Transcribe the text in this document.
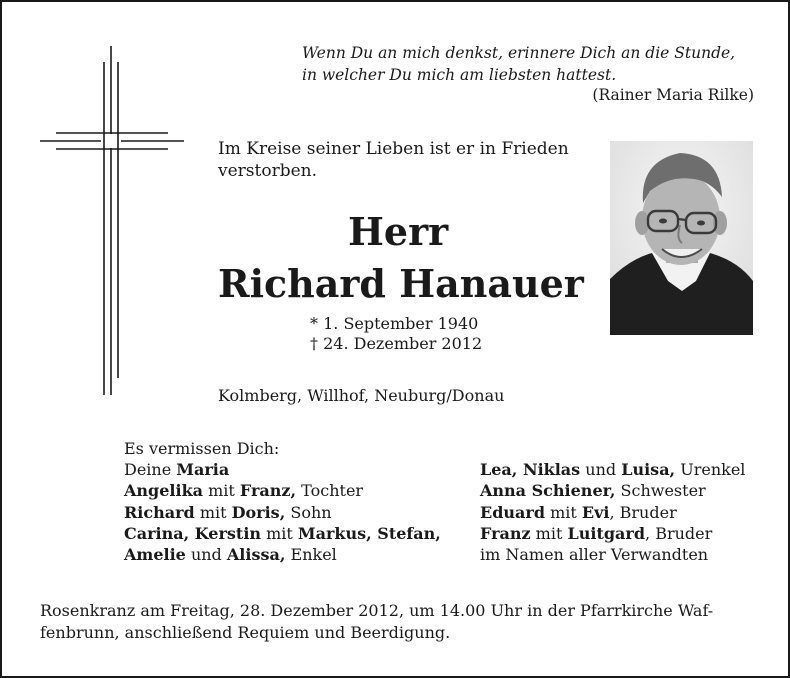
Wenn Du an mich denkst, erinnere Dich an die Stunde,
in welcher Du mich am liebsten hattest.
(Rainer Maria Rilke)
Im Kreise seiner Lieben ist er in Frieden
verstorben.
Herr
Richard Hanauer
* 1. September 1940
† 24. Dezember 2012
Kolmberg, Willhof, Neuburg/Donau
Es vermissen Dich:
Deine Maria
Angelika mit Franz, Tochter
Richard mit Doris, Sohn
Carina, Kerstin mit Markus, Stefan,
Amelie und Alissa, Enkel
Lea, Niklas und Luisa, Urenkel
Anna Schiener, Schwester
Eduard mit Evi, Bruder
Franz mit Luitgard, Bruder
im Namen aller Verwandten
Rosenkranz am Freitag, 28. Dezember 2012, um 14.00 Uhr in der Pfarrkirche Waf-
fenbrunn, anschließend Requiem und Beerdigung.
